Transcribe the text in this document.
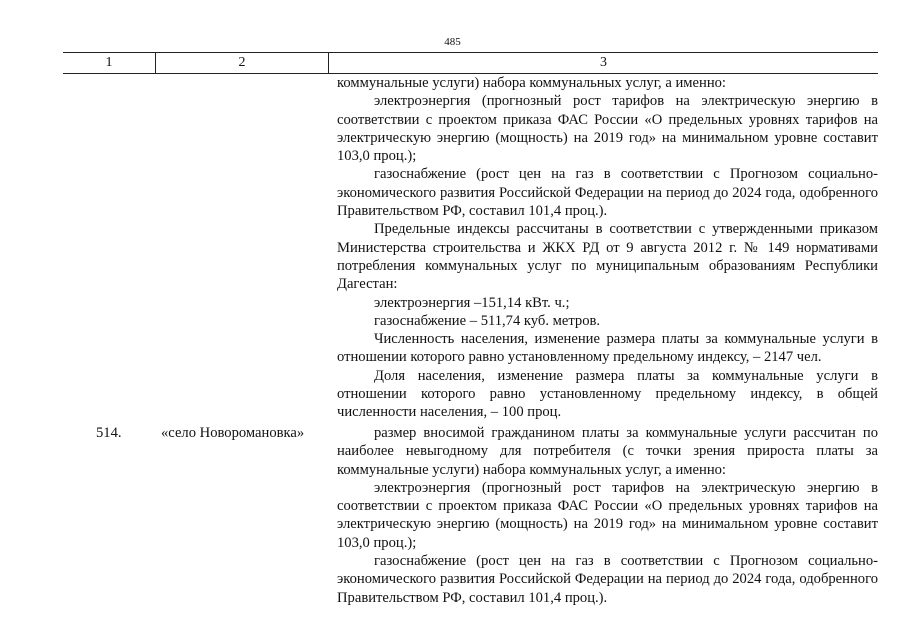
485
1	2	3

коммунальные услуги) набора коммунальных услуг, а именно:

электроэнергия (прогнозный рост тарифов на электрическую энергию в соответствии с проектом приказа ФАС России «О предельных уровнях тарифов на электрическую энергию (мощность) на 2019 год» на минимальном уровне составит 103,0 проц.);

газоснабжение (рост цен на газ в соответствии с Прогнозом социально-экономического развития Российской Федерации на период до 2024 года, одобренного Правительством РФ, составил 101,4 проц.).

Предельные индексы рассчитаны в соответствии с утвержденными приказом Министерства строительства и ЖКХ РД от 9 августа 2012 г. № 149 нормативами потребления коммунальных услуг по муниципальным образованиям Республики Дагестан:

электроэнергия –151,14 кВт. ч.;

газоснабжение – 511,74 куб. метров.

Численность населения, изменение размера платы за коммунальные услуги в отношении которого равно установленному предельному индексу, – 2147 чел.

Доля населения, изменение размера платы за коммунальные услуги в отношении которого равно установленному предельному индексу, в общей численности населения, – 100 проц.

514.	«село Новоромановка»	размер вносимой гражданином платы за коммунальные услуги рассчитан по наиболее невыгодному для потребителя (с точки зрения прироста платы за коммунальные услуги) набора коммунальных услуг, а именно:

электроэнергия (прогнозный рост тарифов на электрическую энергию в соответствии с проектом приказа ФАС России «О предельных уровнях тарифов на электрическую энергию (мощность) на 2019 год» на минимальном уровне составит 103,0 проц.);

газоснабжение (рост цен на газ в соответствии с Прогнозом социально-экономического развития Российской Федерации на период до 2024 года, одобренного Правительством РФ, составил 101,4 проц.).
